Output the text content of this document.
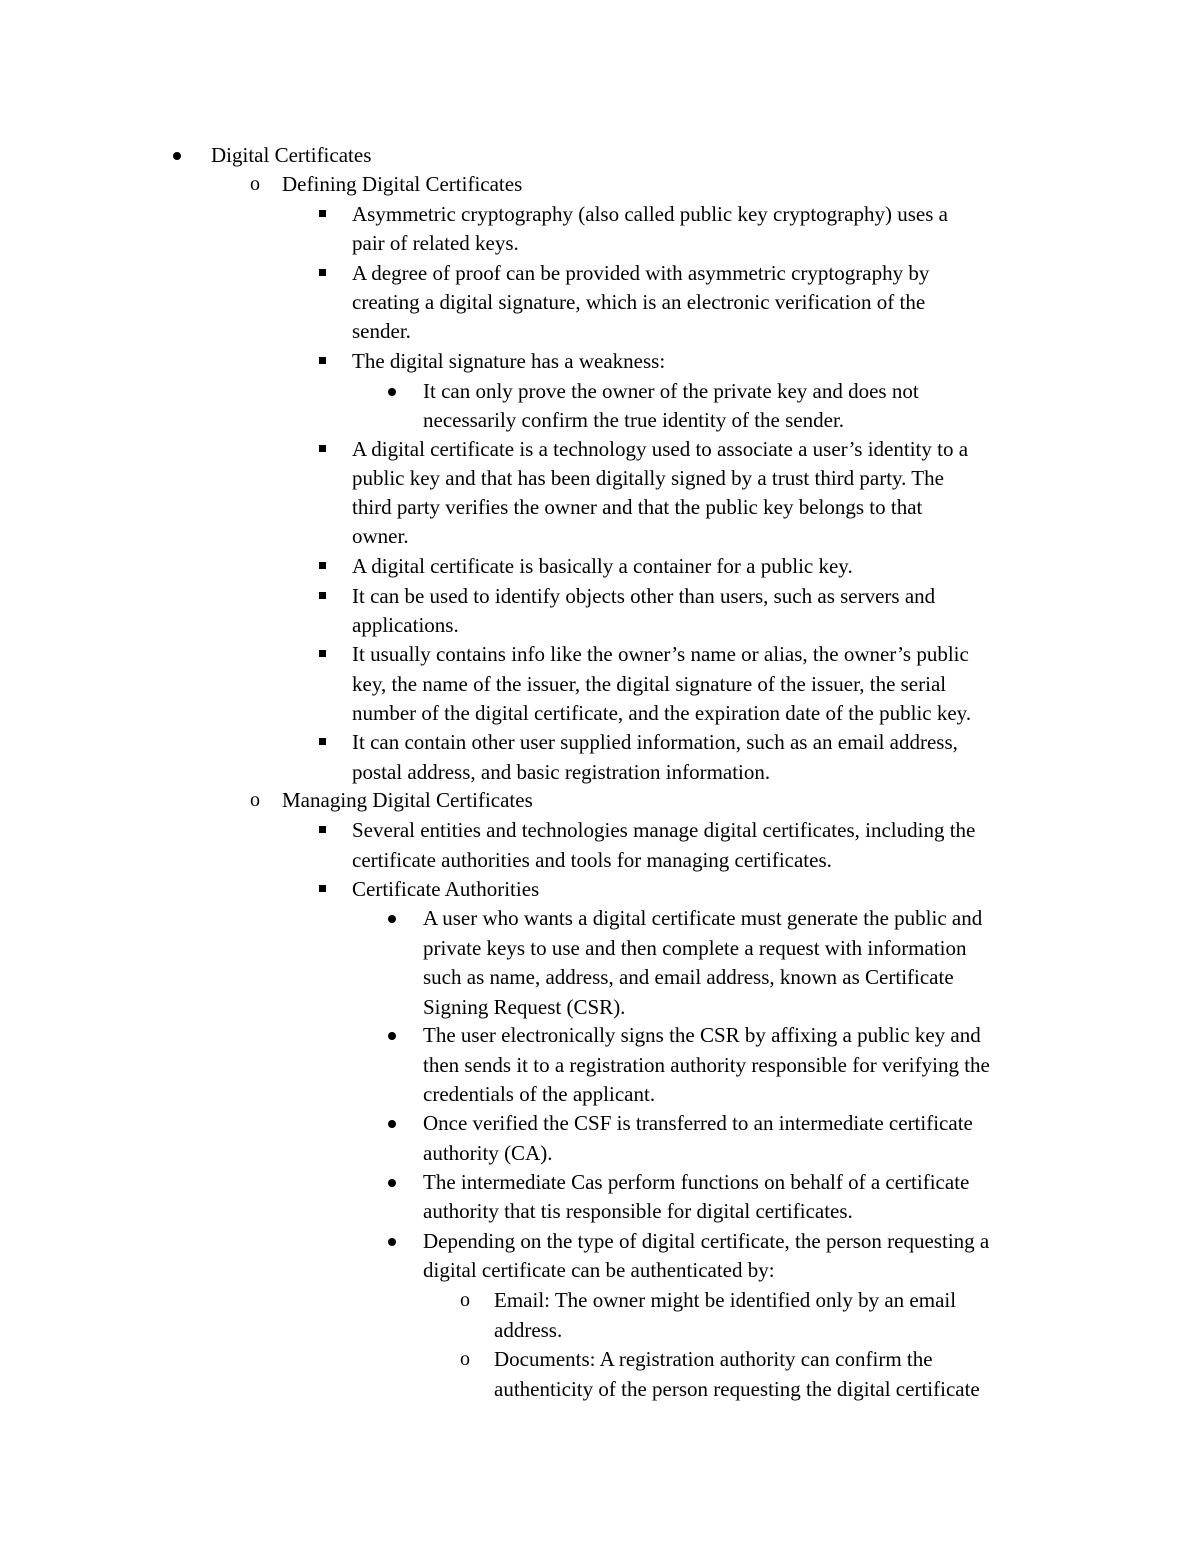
Digital Certificates
o Defining Digital Certificates
Asymmetric cryptography (also called public key cryptography) uses a
pair of related keys.
A degree of proof can be provided with asymmetric cryptography by
creating a digital signature, which is an electronic verification of the
sender.
The digital signature has a weakness:
It can only prove the owner of the private key and does not
necessarily confirm the true identity of the sender.
A digital certificate is a technology used to associate a user’s identity to a
public key and that has been digitally signed by a trust third party. The
third party verifies the owner and that the public key belongs to that
owner.
A digital certificate is basically a container for a public key.
It can be used to identify objects other than users, such as servers and
applications.
It usually contains info like the owner’s name or alias, the owner’s public
key, the name of the issuer, the digital signature of the issuer, the serial
number of the digital certificate, and the expiration date of the public key.
It can contain other user supplied information, such as an email address,
postal address, and basic registration information.
o Managing Digital Certificates
Several entities and technologies manage digital certificates, including the
certificate authorities and tools for managing certificates.
Certificate Authorities
A user who wants a digital certificate must generate the public and
private keys to use and then complete a request with information
such as name, address, and email address, known as Certificate
Signing Request (CSR).
The user electronically signs the CSR by affixing a public key and
then sends it to a registration authority responsible for verifying the
credentials of the applicant.
Once verified the CSF is transferred to an intermediate certificate
authority (CA).
The intermediate Cas perform functions on behalf of a certificate
authority that tis responsible for digital certificates.
Depending on the type of digital certificate, the person requesting a
digital certificate can be authenticated by:
o Email: The owner might be identified only by an email
address.
o Documents: A registration authority can confirm the
authenticity of the person requesting the digital certificate
